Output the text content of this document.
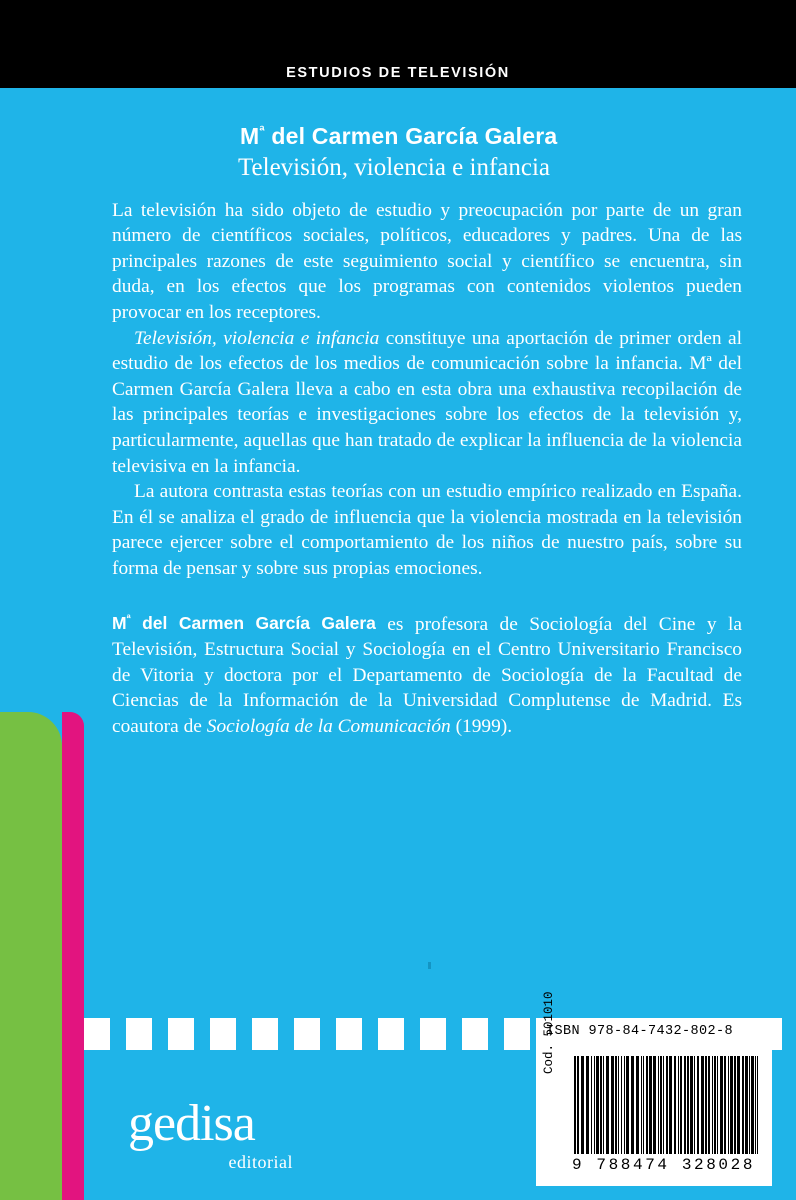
ESTUDIOS DE TELEVISIÓN
$M^ª$ del Carmen García Galera
Televisión, violencia e infancia

La televisión ha sido objeto de estudio y preocupación por parte de un gran número de científicos sociales, políticos, educadores y padres. Una de las principales razones de este seguimiento social y científico se encuentra, sin duda, en los efectos que los programas con contenidos violentos pueden provocar en los receptores.

Televisión, violencia e infancia constituye una aportación de primer orden al estudio de los efectos de los medios de comunicación sobre la infancia. Mª del Carmen García Galera lleva a cabo en esta obra una exhaustiva recopilación de las principales teorías e investigaciones sobre los efectos de la televisión y, particularmente, aquellas que han tratado de explicar la influencia de la violencia televisiva en la infancia.

La autora contrasta estas teorías con un estudio empírico realizado en España. En él se analiza el grado de influencia que la violencia mostrada en la televisión parece ejercer sobre el comportamiento de los niños de nuestro país, sobre su forma de pensar y sobre sus propias emociones.

$M^ª$ del Carmen García Galera es profesora de Sociología del Cine y la Televisión, Estructura Social y Sociología en el Centro Universitario Francisco de Vitoria y doctora por el Departamento de Sociología de la Facultad de Ciencias de la Información de la Universidad Complutense de Madrid. Es coautora de Sociología de la Comunicación (1999).
ISBN 978-84-7432-802-8
9 788474 328028
Cod. 501010
gedisa
editorial
